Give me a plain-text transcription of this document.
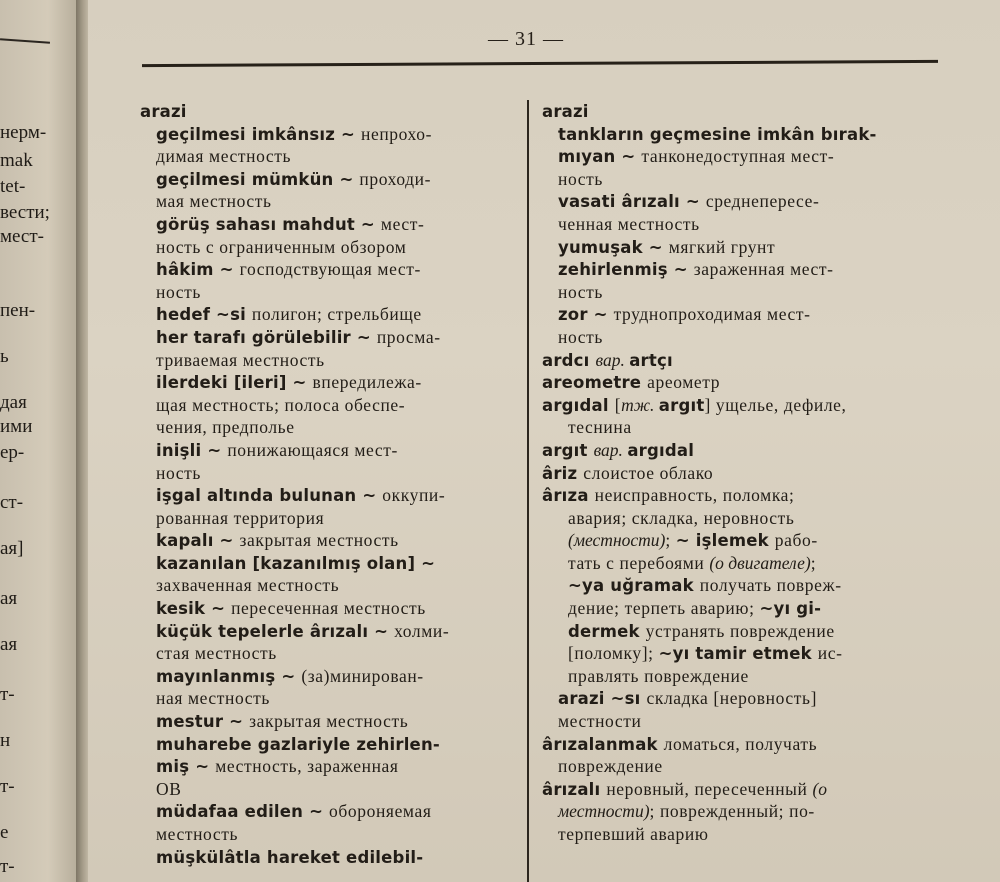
нерм-
mak
tet-
вести;
мест-
пен-
ь
дая
ими
ер-
ст-
ая]
ая
ая
т-
н
т-
е
т-
— 31 —
arazi
geçilmesi imkânsız ~ непрохо-
димая местность
geçilmesi mümkün ~ проходи-
мая местность
görüş sahası mahdut ~ мест-
ность с ограниченным обзором
hâkim ~ господствующая мест-
ность
hedef ~si полигон; стрельбище
her tarafı görülebilir ~ просма-
триваемая местность
ilerdeki [ileri] ~ впередилежа-
щая местность; полоса обеспе-
чения, предполье
inişli ~ понижающаяся мест-
ность
işgal altında bulunan ~ оккупи-
рованная территория
kapalı ~ закрытая местность
kazanılan [kazanılmış olan] ~
захваченная местность
kesik ~ пересеченная местность
küçük tepelerle ârızalı ~ холми-
стая местность
mayınlanmış ~ (за)минирован-
ная местность
mestur ~ закрытая местность
muharebe gazlariyle zehirlen-
miş ~ местность, зараженная
ОВ
müdafaa edilen ~ обороняемая
местность
müşkülâtla hareket edilebil-
arazi
tankların geçmesine imkân bırak-
mıyan ~ танконедоступная мест-
ность
vasati ârızalı ~ среднепересе-
ченная местность
yumuşak ~ мягкий грунт
zehirlenmiş ~ зараженная мест-
ность
zor ~ труднопроходимая мест-
ность
ardcı вар. artçı
areometre ареометр
argıdal [тж. argıt] ущелье, дефиле,
теснина
argıt вар. argıdal
âriz слоистое облако
ârıza неисправность, поломка;
авария; складка, неровность
(местности); ~ işlemek рабо-
тать с перебоями (о двигателе);
~ya uğramak получать повреж-
дение; терпеть аварию; ~yı gi-
dermek устранять повреждение
[поломку]; ~yı tamir etmek ис-
правлять повреждение
arazi ~sı складка [неровность]
местности
ârızalanmak ломаться, получать
повреждение
ârızalı неровный, пересеченный (о
местности); поврежденный; по-
терпевший аварию
